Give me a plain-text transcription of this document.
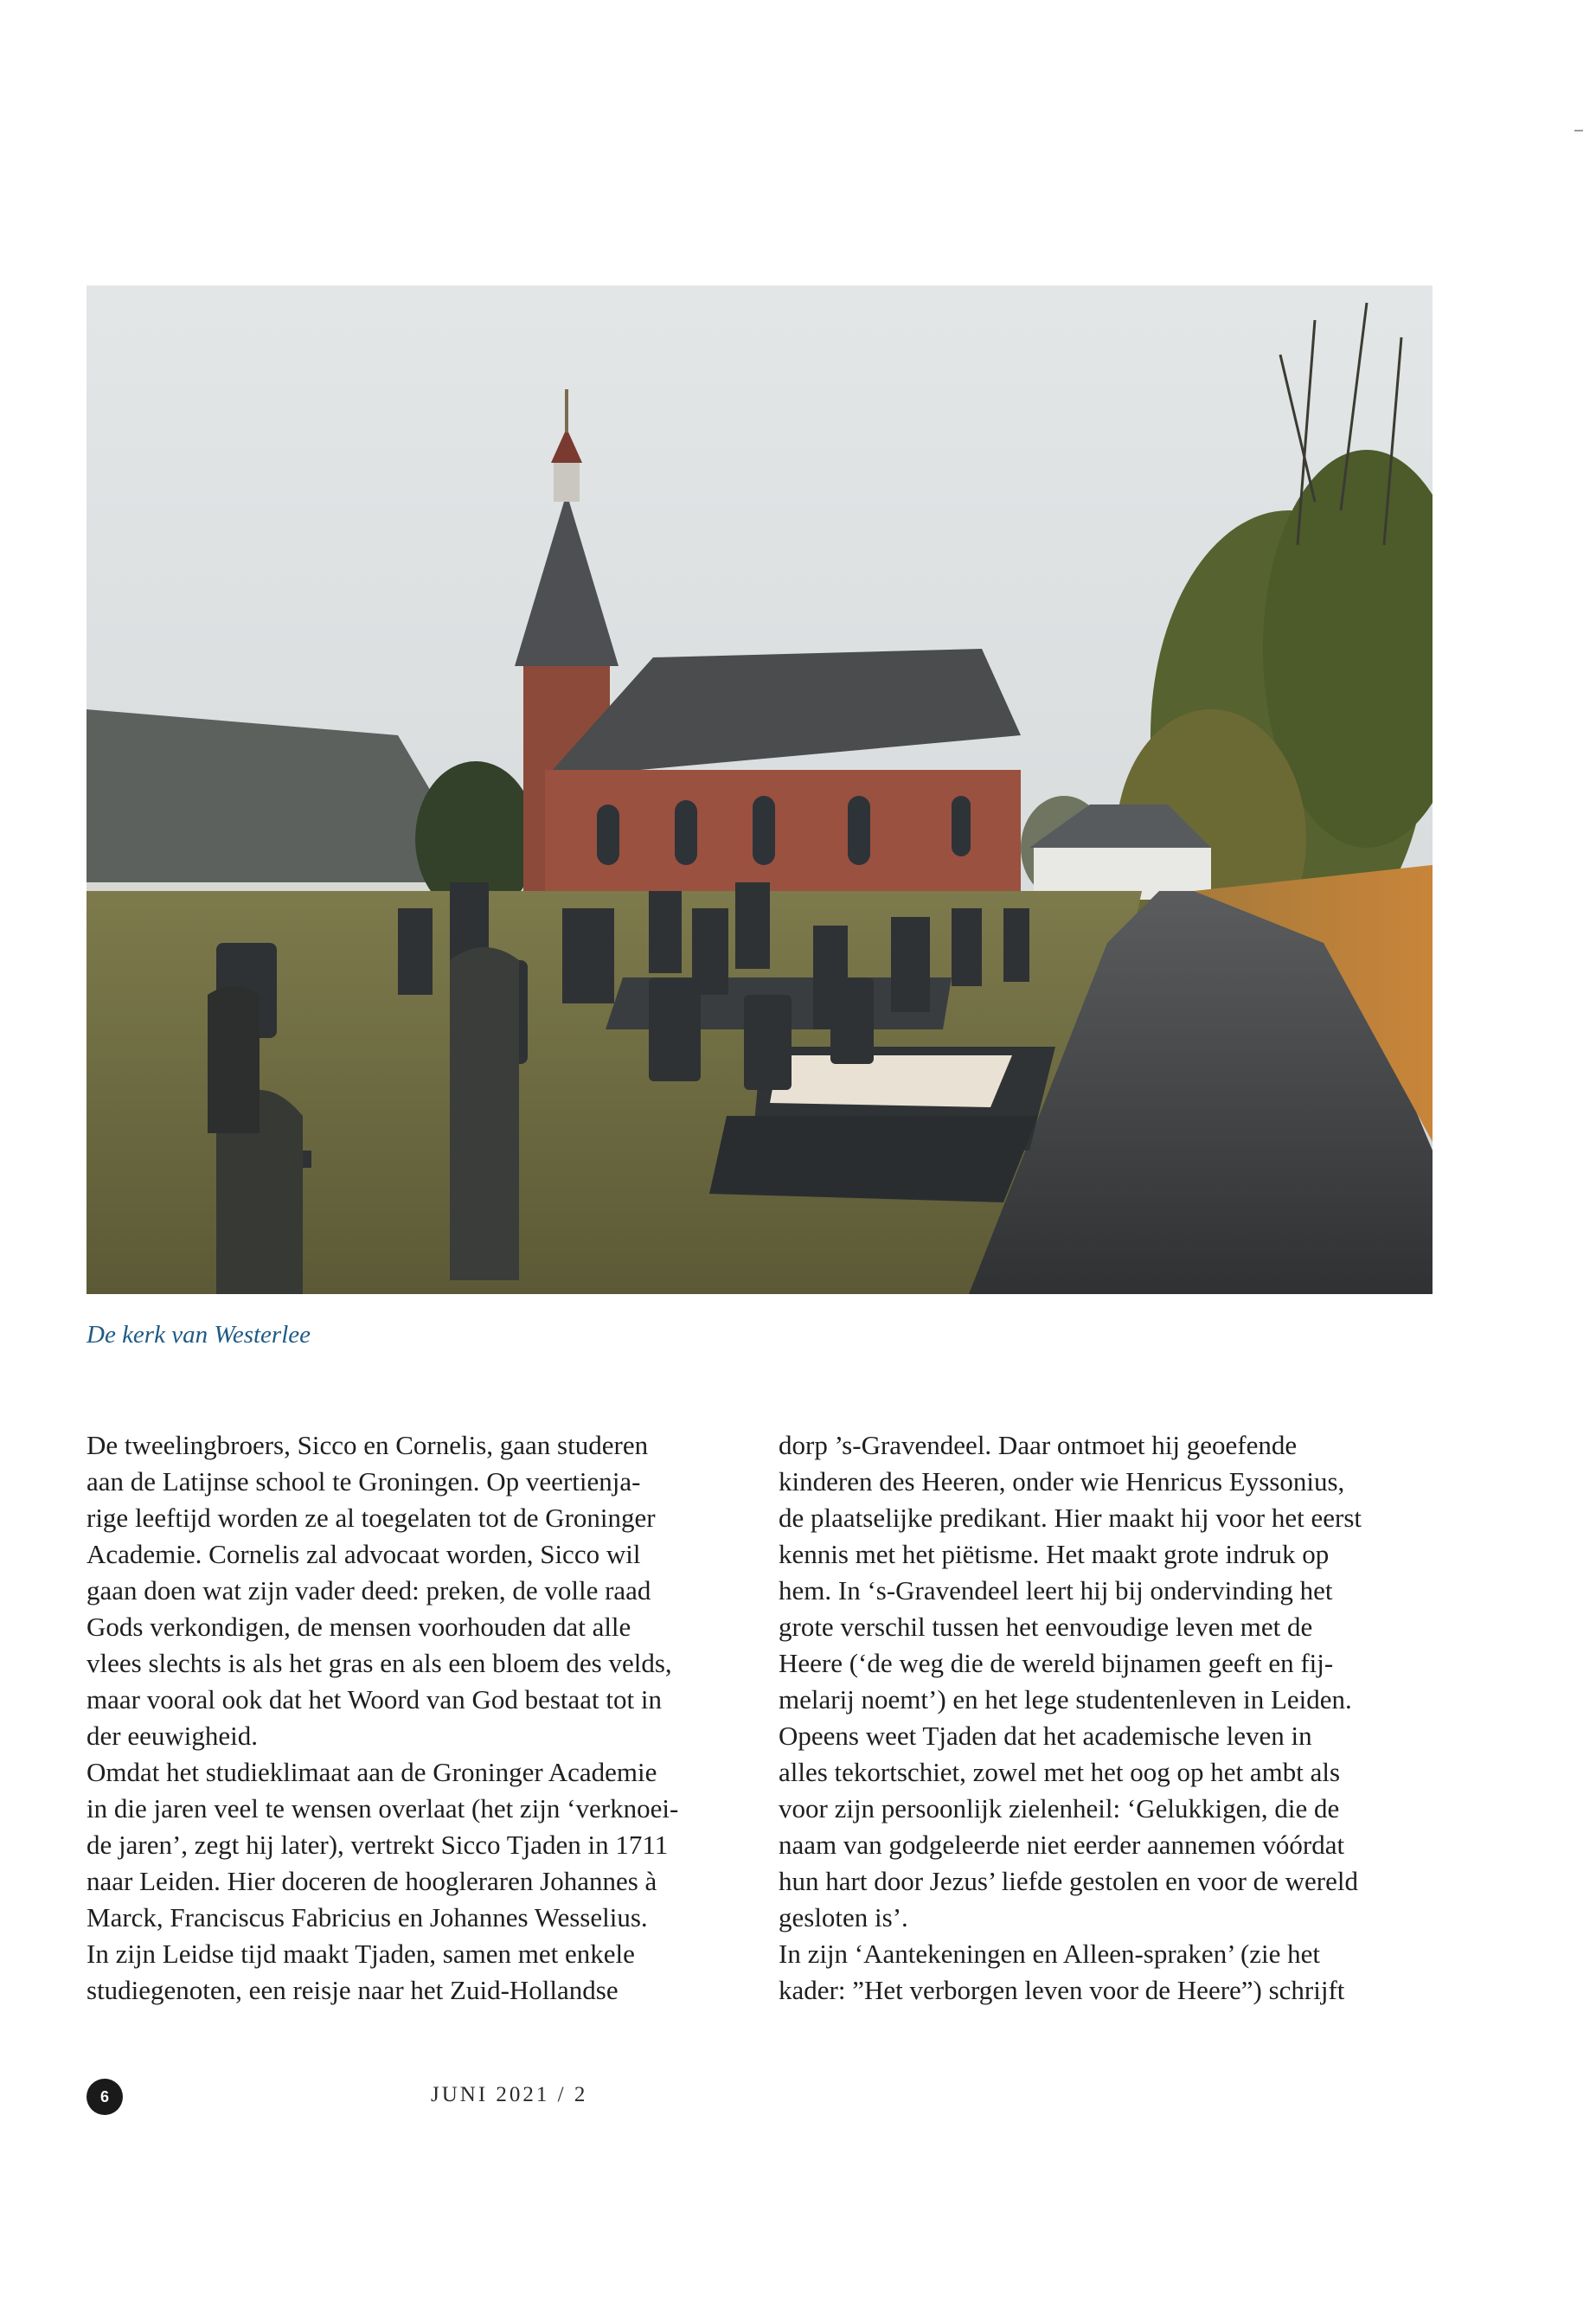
De kerk van Westerlee
De tweelingbroers, Sicco en Cornelis, gaan studeren
aan de Latijnse school te Groningen. Op veertienja-
rige leeftijd worden ze al toegelaten tot de Groninger
Academie. Cornelis zal advocaat worden, Sicco wil
gaan doen wat zijn vader deed: preken, de volle raad
Gods verkondigen, de mensen voorhouden dat alle
vlees slechts is als het gras en als een bloem des velds,
maar vooral ook dat het Woord van God bestaat tot in
der eeuwigheid.
Omdat het studieklimaat aan de Groninger Academie
in die jaren veel te wensen overlaat (het zijn ‘verknoei-
de jaren’, zegt hij later), vertrekt Sicco Tjaden in 1711
naar Leiden. Hier doceren de hoogleraren Johannes à
Marck, Franciscus Fabricius en Johannes Wesselius.
In zijn Leidse tijd maakt Tjaden, samen met enkele
studiegenoten, een reisje naar het Zuid-Hollandse
dorp ’s-Gravendeel. Daar ontmoet hij geoefende
kinderen des Heeren, onder wie Henricus Eyssonius,
de plaatselijke predikant. Hier maakt hij voor het eerst
kennis met het piëtisme. Het maakt grote indruk op
hem. In ‘s-Gravendeel leert hij bij ondervinding het
grote verschil tussen het eenvoudige leven met de
Heere (‘de weg die de wereld bijnamen geeft en fij-
melarij noemt’) en het lege studentenleven in Leiden.
Opeens weet Tjaden dat het academische leven in
alles tekortschiet, zowel met het oog op het ambt als
voor zijn persoonlijk zielenheil: ‘Gelukkigen, die de
naam van godgeleerde niet eerder aannemen vóórdat
hun hart door Jezus’ liefde gestolen en voor de wereld
gesloten is’.
In zijn ‘Aantekeningen en Alleen-spraken’ (zie het
kader: ”Het verborgen leven voor de Heere”) schrijft
6	JUNI 2021 / 2
